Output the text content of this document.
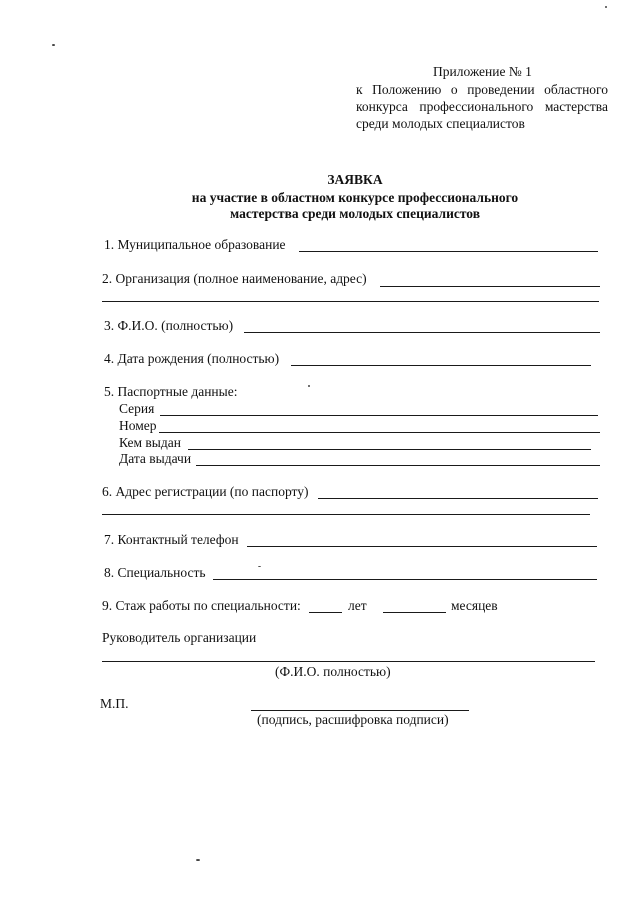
Приложение № 1
к Положению о проведении областного
конкурса профессионального мастерства
среди молодых специалистов
ЗАЯВКА
на участие в областном конкурсе профессионального
мастерства среди молодых специалистов
1. Муниципальное образование
2. Организация (полное наименование, адрес)
3. Ф.И.О. (полностью)
4. Дата рождения (полностью)
5. Паспортные данные:
Серия
Номер
Кем выдан
Дата выдачи
6. Адрес регистрации (по паспорту)
7. Контактный телефон
8. Специальность
9. Стаж работы по специальности:	лет	месяцев
Руководитель организации
(Ф.И.О. полностью)
М.П.
(подпись, расшифровка подписи)
